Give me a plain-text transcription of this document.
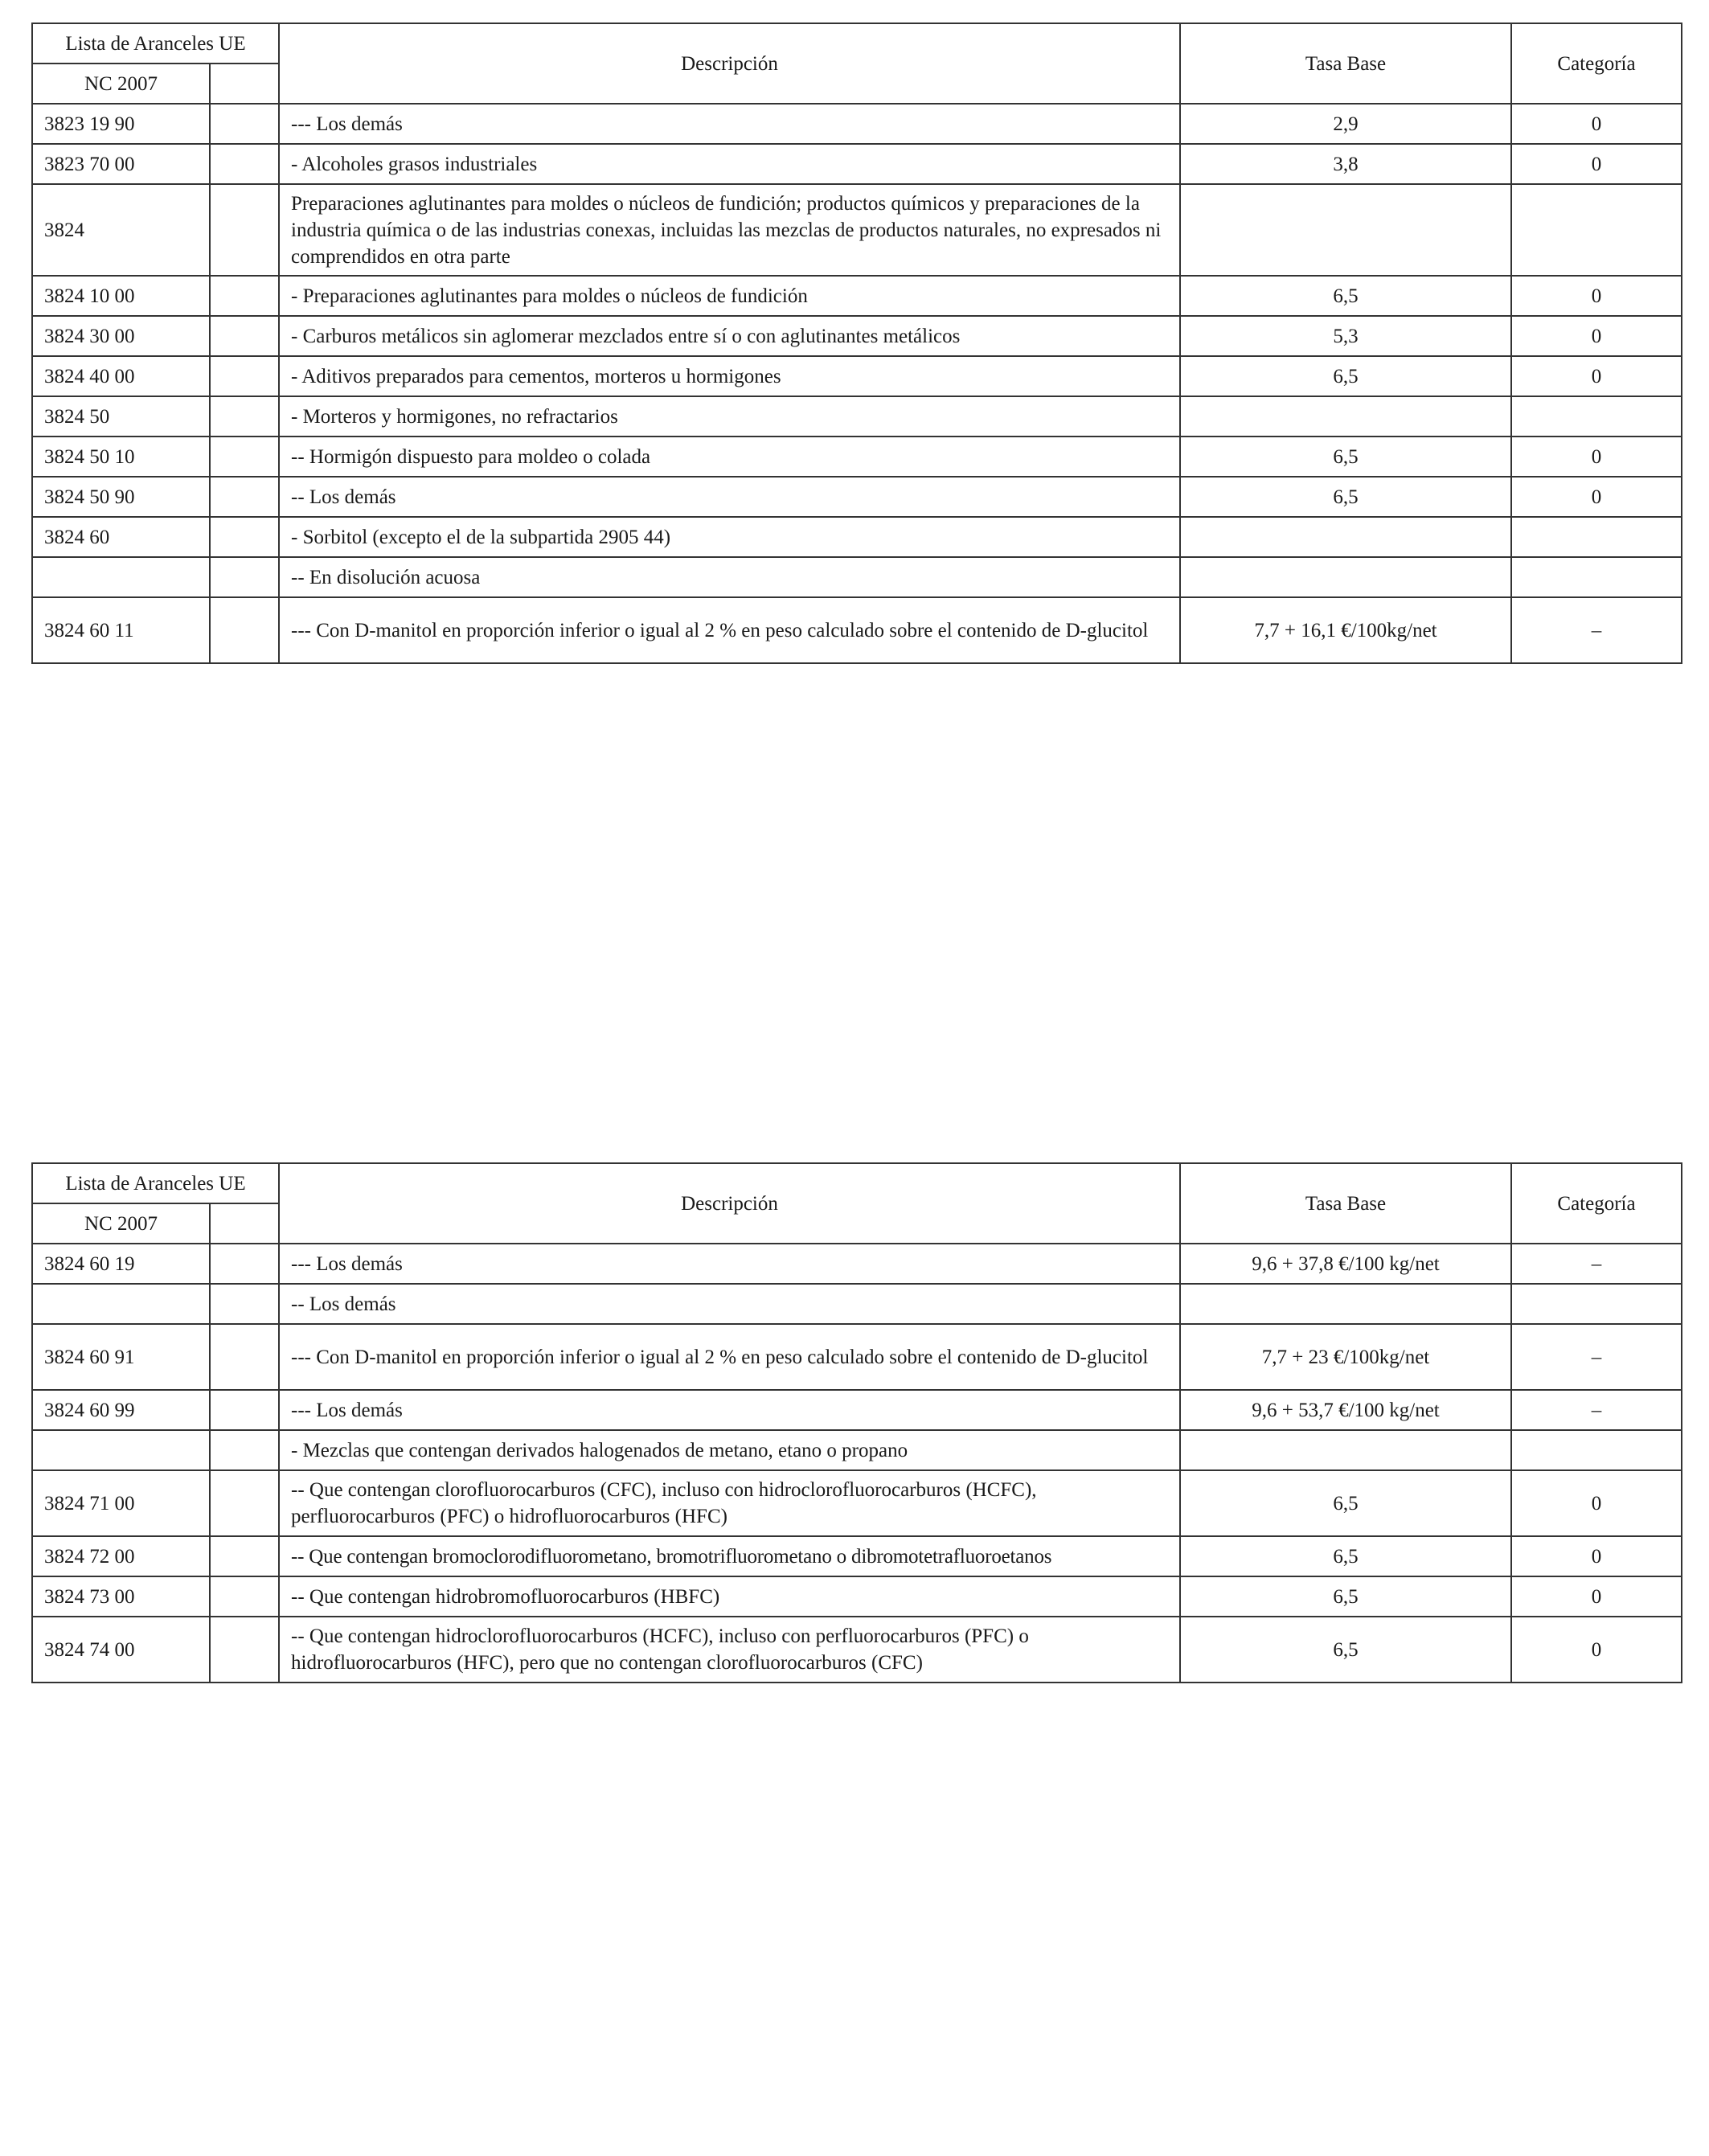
Lista de Aranceles UE		Descripción	Tasa Base	Categoría
NC 2007				
3823 19 90		--- Los demás	2,9	0
3823 70 00		- Alcoholes grasos industriales	3,8	0
3824		Preparaciones aglutinantes para moldes o núcleos de fundición; productos químicos y preparaciones de la industria química o de las industrias conexas, incluidas las mezclas de productos naturales, no expresados ni comprendidos en otra parte		
3824 10 00		- Preparaciones aglutinantes para moldes o núcleos de fundición	6,5	0
3824 30 00		- Carburos metálicos sin aglomerar mezclados entre sí o con aglutinantes metálicos	5,3	0
3824 40 00		- Aditivos preparados para cementos, morteros u hormigones	6,5	0
3824 50		- Morteros y hormigones, no refractarios		
3824 50 10		-- Hormigón dispuesto para moldeo o colada	6,5	0
3824 50 90		-- Los demás	6,5	0
3824 60		- Sorbitol (excepto el de la subpartida 2905 44)		
		-- En disolución acuosa		
3824 60 11		--- Con D-manitol en proporción inferior o igual al 2 % en peso calculado sobre el contenido de D-glucitol	7,7 + 16,1 €/100kg/net	–
Lista de Aranceles UE		Descripción	Tasa Base	Categoría
NC 2007				
3824 60 19		--- Los demás	9,6 + 37,8 €/100 kg/net	–
		-- Los demás		
3824 60 91		--- Con D-manitol en proporción inferior o igual al 2 % en peso calculado sobre el contenido de D-glucitol	7,7 + 23 €/100kg/net	–
3824 60 99		--- Los demás	9,6 + 53,7 €/100 kg/net	–
		- Mezclas que contengan derivados halogenados de metano, etano o propano		
3824 71 00		-- Que contengan clorofluorocarburos (CFC), incluso con hidroclorofluorocarburos (HCFC), perfluorocarburos (PFC) o hidrofluorocarburos (HFC)	6,5	0
3824 72 00		-- Que contengan bromoclorodifluorometano, bromotrifluorometano o dibromotetrafluoroetanos	6,5	0
3824 73 00		-- Que contengan hidrobromofluorocarburos (HBFC)	6,5	0
3824 74 00		-- Que contengan hidroclorofluorocarburos (HCFC), incluso con perfluorocarburos (PFC) o hidrofluorocarburos (HFC), pero que no contengan clorofluorocarburos (CFC)	6,5	0
